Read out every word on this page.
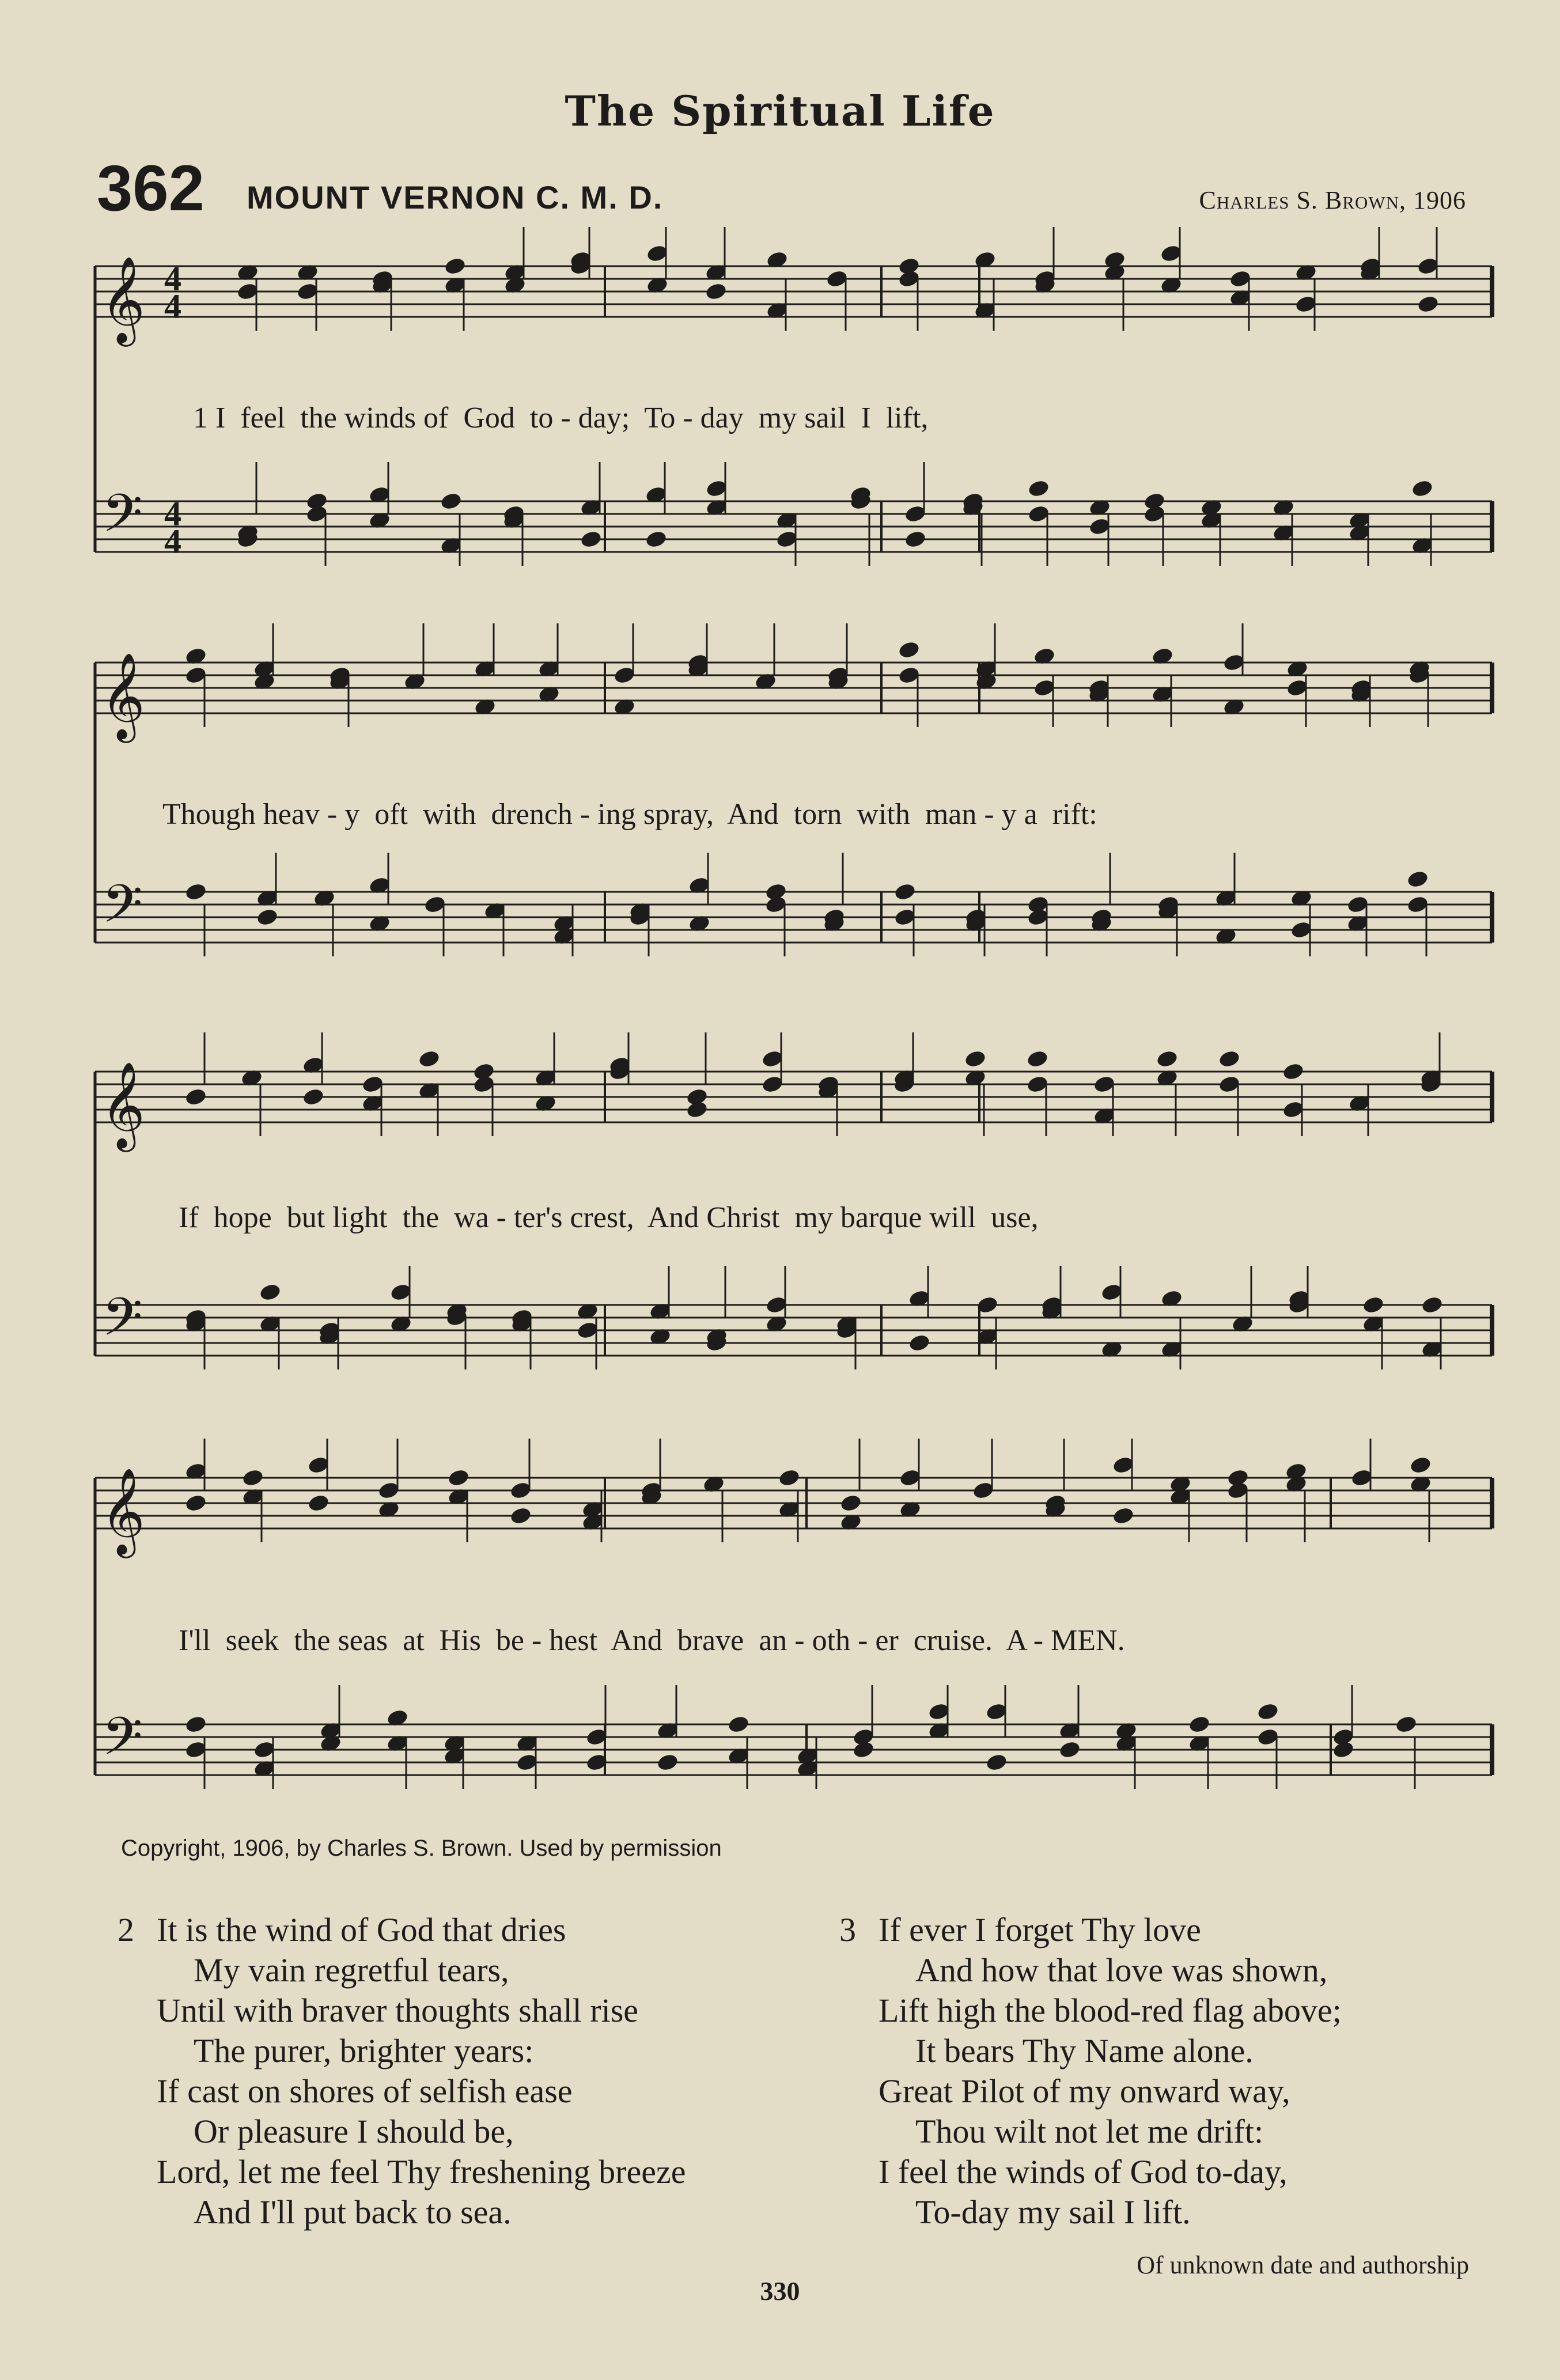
The Spiritual Life
362 MOUNT VERNON C. M. D.	Charles S. Brown, 1906
𝄞 4
4
𝄢 4
4
𝄞
𝄢
𝄞
𝄢
𝄞
𝄢
1 I  feel  the winds of  God  to - day;  To - day  my sail  I  lift,
Though heav - y  oft  with  drench - ing spray,  And  torn  with  man - y a  rift:
If  hope  but light  the  wa - ter's crest,  And Christ  my barque will  use,
I'll  seek  the seas  at  His  be - hest  And  brave  an - oth - er  cruise.  A - MEN.
Copyright, 1906, by Charles S. Brown. Used by permission
2 It is the wind of God that dries
My vain regretful tears,
Until with braver thoughts shall rise
The purer, brighter years:
If cast on shores of selfish ease
Or pleasure I should be,
Lord, let me feel Thy freshening breeze
And I'll put back to sea.
3 If ever I forget Thy love
And how that love was shown,
Lift high the blood-red flag above;
It bears Thy Name alone.
Great Pilot of my onward way,
Thou wilt not let me drift:
I feel the winds of God to-day,
To-day my sail I lift.
Of unknown date and authorship
330
